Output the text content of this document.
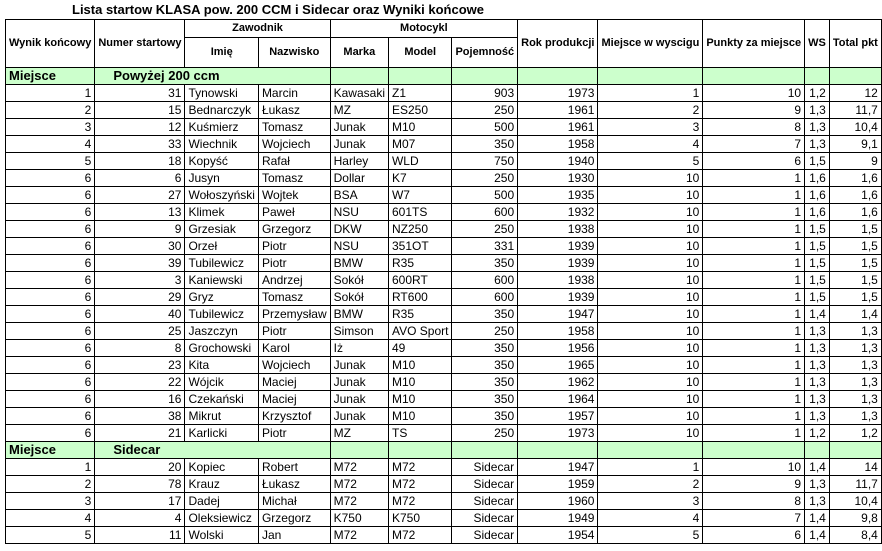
Lista startow KLASA pow. 200 CCM i Sidecar oraz Wyniki końcowe
Wynik końcowy	Numer startowy	Zawodnik		Motocykl			Rok produkcji	Miejsce w wyscigu	Punkty za miejsce	WS	Total pkt
		Imię	Nazwisko	Marka	Model	Pojemność					
Miejsce	Powyżej 200 ccm										
1	31	Tynowski	Marcin	Kawasaki	Z1	903	1973	1	10	1,2	12
2	15	Bednarczyk	Łukasz	MZ	ES250	250	1961	2	9	1,3	11,7
3	12	Kuśmierz	Tomasz	Junak	M10	500	1961	3	8	1,3	10,4
4	33	Wiechnik	Wojciech	Junak	M07	350	1958	4	7	1,3	9,1
5	18	Kopyść	Rafał	Harley	WLD	750	1940	5	6	1,5	9
6	6	Jusyn	Tomasz	Dollar	K7	250	1930	10	1	1,6	1,6
6	27	Wołoszyński	Wojtek	BSA	W7	500	1935	10	1	1,6	1,6
6	13	Klimek	Paweł	NSU	601TS	600	1932	10	1	1,6	1,6
6	9	Grzesiak	Grzegorz	DKW	NZ250	250	1938	10	1	1,5	1,5
6	30	Orzeł	Piotr	NSU	351OT	331	1939	10	1	1,5	1,5
6	39	Tubilewicz	Piotr	BMW	R35	350	1939	10	1	1,5	1,5
6	3	Kaniewski	Andrzej	Sokół	600RT	600	1938	10	1	1,5	1,5
6	29	Gryz	Tomasz	Sokół	RT600	600	1939	10	1	1,5	1,5
6	40	Tubilewicz	Przemysław	BMW	R35	350	1947	10	1	1,4	1,4
6	25	Jaszczyn	Piotr	Simson	AVO Sport	250	1958	10	1	1,3	1,3
6	8	Grochowski	Karol	Iż	49	350	1956	10	1	1,3	1,3
6	23	Kita	Wojciech	Junak	M10	350	1965	10	1	1,3	1,3
6	22	Wójcik	Maciej	Junak	M10	350	1962	10	1	1,3	1,3
6	16	Czekański	Maciej	Junak	M10	350	1964	10	1	1,3	1,3
6	38	Mikrut	Krzysztof	Junak	M10	350	1957	10	1	1,3	1,3
6	21	Karlicki	Piotr	MZ	TS	250	1973	10	1	1,2	1,2
Miejsce	Sidecar										
1	20	Kopiec	Robert	M72	M72	Sidecar	1947	1	10	1,4	14
2	78	Krauz	Łukasz	M72	M72	Sidecar	1959	2	9	1,3	11,7
3	17	Dadej	Michał	M72	M72	Sidecar	1960	3	8	1,3	10,4
4	4	Oleksiewicz	Grzegorz	K750	K750	Sidecar	1949	4	7	1,4	9,8
5	11	Wolski	Jan	M72	M72	Sidecar	1954	5	6	1,4	8,4
